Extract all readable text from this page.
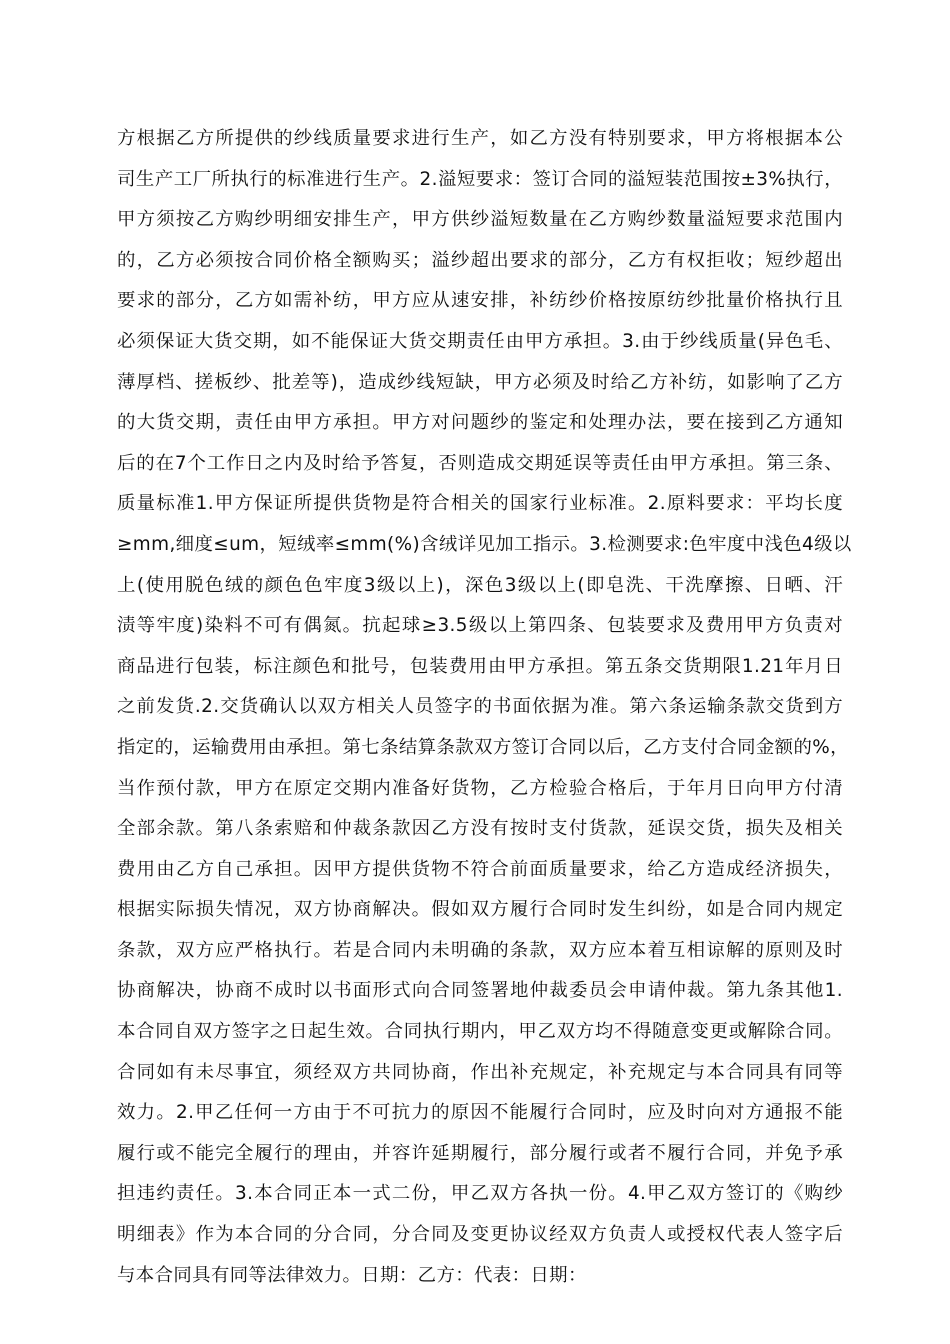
方根据乙方所提供的纱线质量要求进行生产，如乙方没有特别要求，甲方将根据本公
司生产工厂所执行的标准进行生产。2.溢短要求：签订合同的溢短装范围按±3%执行，
甲方须按乙方购纱明细安排生产，甲方供纱溢短数量在乙方购纱数量溢短要求范围内
的，乙方必须按合同价格全额购买；溢纱超出要求的部分，乙方有权拒收；短纱超出
要求的部分，乙方如需补纺，甲方应从速安排，补纺纱价格按原纺纱批量价格执行且
必须保证大货交期，如不能保证大货交期责任由甲方承担。3.由于纱线质量(异色毛、
薄厚档、搓板纱、批差等)，造成纱线短缺，甲方必须及时给乙方补纺，如影响了乙方
的大货交期，责任由甲方承担。甲方对问题纱的鉴定和处理办法，要在接到乙方通知
后的在7个工作日之内及时给予答复，否则造成交期延误等责任由甲方承担。第三条、
质量标准1.甲方保证所提供货物是符合相关的国家行业标准。2.原料要求：平均长度
≥mm,细度≤um，短绒率≤mm(%)含绒详见加工指示。3.检测要求:色牢度中浅色4级以
上(使用脱色绒的颜色色牢度3级以上)，深色3级以上(即皂洗、干洗摩擦、日晒、汗
渍等牢度)染料不可有偶氮。抗起球≥3.5级以上第四条、包装要求及费用甲方负责对
商品进行包装，标注颜色和批号，包装费用由甲方承担。第五条交货期限1.21年月日
之前发货.2.交货确认以双方相关人员签字的书面依据为准。第六条运输条款交货到方
指定的，运输费用由承担。第七条结算条款双方签订合同以后，乙方支付合同金额的%，
当作预付款，甲方在原定交期内准备好货物，乙方检验合格后，于年月日向甲方付清
全部余款。第八条索赔和仲裁条款因乙方没有按时支付货款，延误交货，损失及相关
费用由乙方自己承担。因甲方提供货物不符合前面质量要求，给乙方造成经济损失，
根据实际损失情况，双方协商解决。假如双方履行合同时发生纠纷，如是合同内规定
条款，双方应严格执行。若是合同内未明确的条款，双方应本着互相谅解的原则及时
协商解决，协商不成时以书面形式向合同签署地仲裁委员会申请仲裁。第九条其他1.
本合同自双方签字之日起生效。合同执行期内，甲乙双方均不得随意变更或解除合同。
合同如有未尽事宜，须经双方共同协商，作出补充规定，补充规定与本合同具有同等
效力。2.甲乙任何一方由于不可抗力的原因不能履行合同时，应及时向对方通报不能
履行或不能完全履行的理由，并容许延期履行，部分履行或者不履行合同，并免予承
担违约责任。3.本合同正本一式二份，甲乙双方各执一份。4.甲乙双方签订的《购纱
明细表》作为本合同的分合同，分合同及变更协议经双方负责人或授权代表人签字后
与本合同具有同等法律效力。日期：乙方：代表：日期：
